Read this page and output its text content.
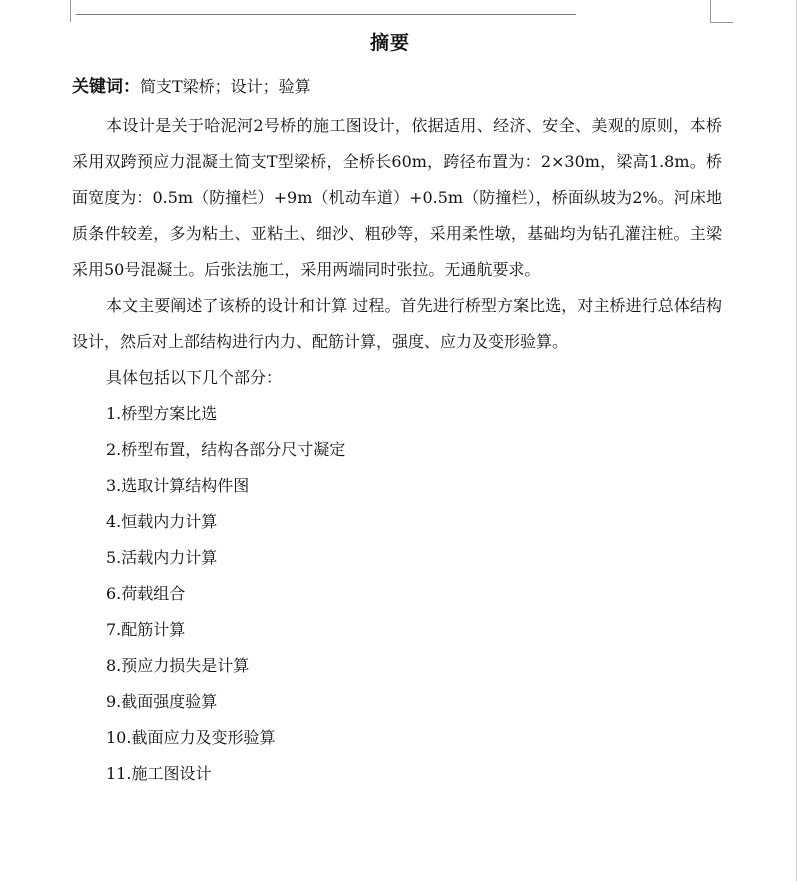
摘要
关键词：简支T梁桥；设计；验算

本设计是关于哈泥河2号桥的施工图设计，依据适用、经济、安全、美观的原则，本桥采用双跨预应力混凝土简支T型梁桥，全桥长60m，跨径布置为：2×30m，梁高1.8m。桥面宽度为：0.5m（防撞栏）+9m（机动车道）+0.5m（防撞栏），桥面纵坡为2%。河床地质条件较差，多为粘土、亚粘土、细沙、粗砂等，采用柔性墩，基础均为钻孔灌注桩。主梁采用50号混凝土。后张法施工，采用两端同时张拉。无通航要求。

本文主要阐述了该桥的设计和计算 过程。首先进行桥型方案比选，对主桥进行总体结构设计，然后对上部结构进行内力、配筋计算，强度、应力及变形验算。

具体包括以下几个部分：

1.桥型方案比选
2.桥型布置，结构各部分尺寸凝定
3.选取计算结构件图
4.恒载内力计算
5.活载内力计算
6.荷载组合
7.配筋计算
8.预应力损失是计算
9.截面强度验算
10.截面应力及变形验算
11.施工图设计
